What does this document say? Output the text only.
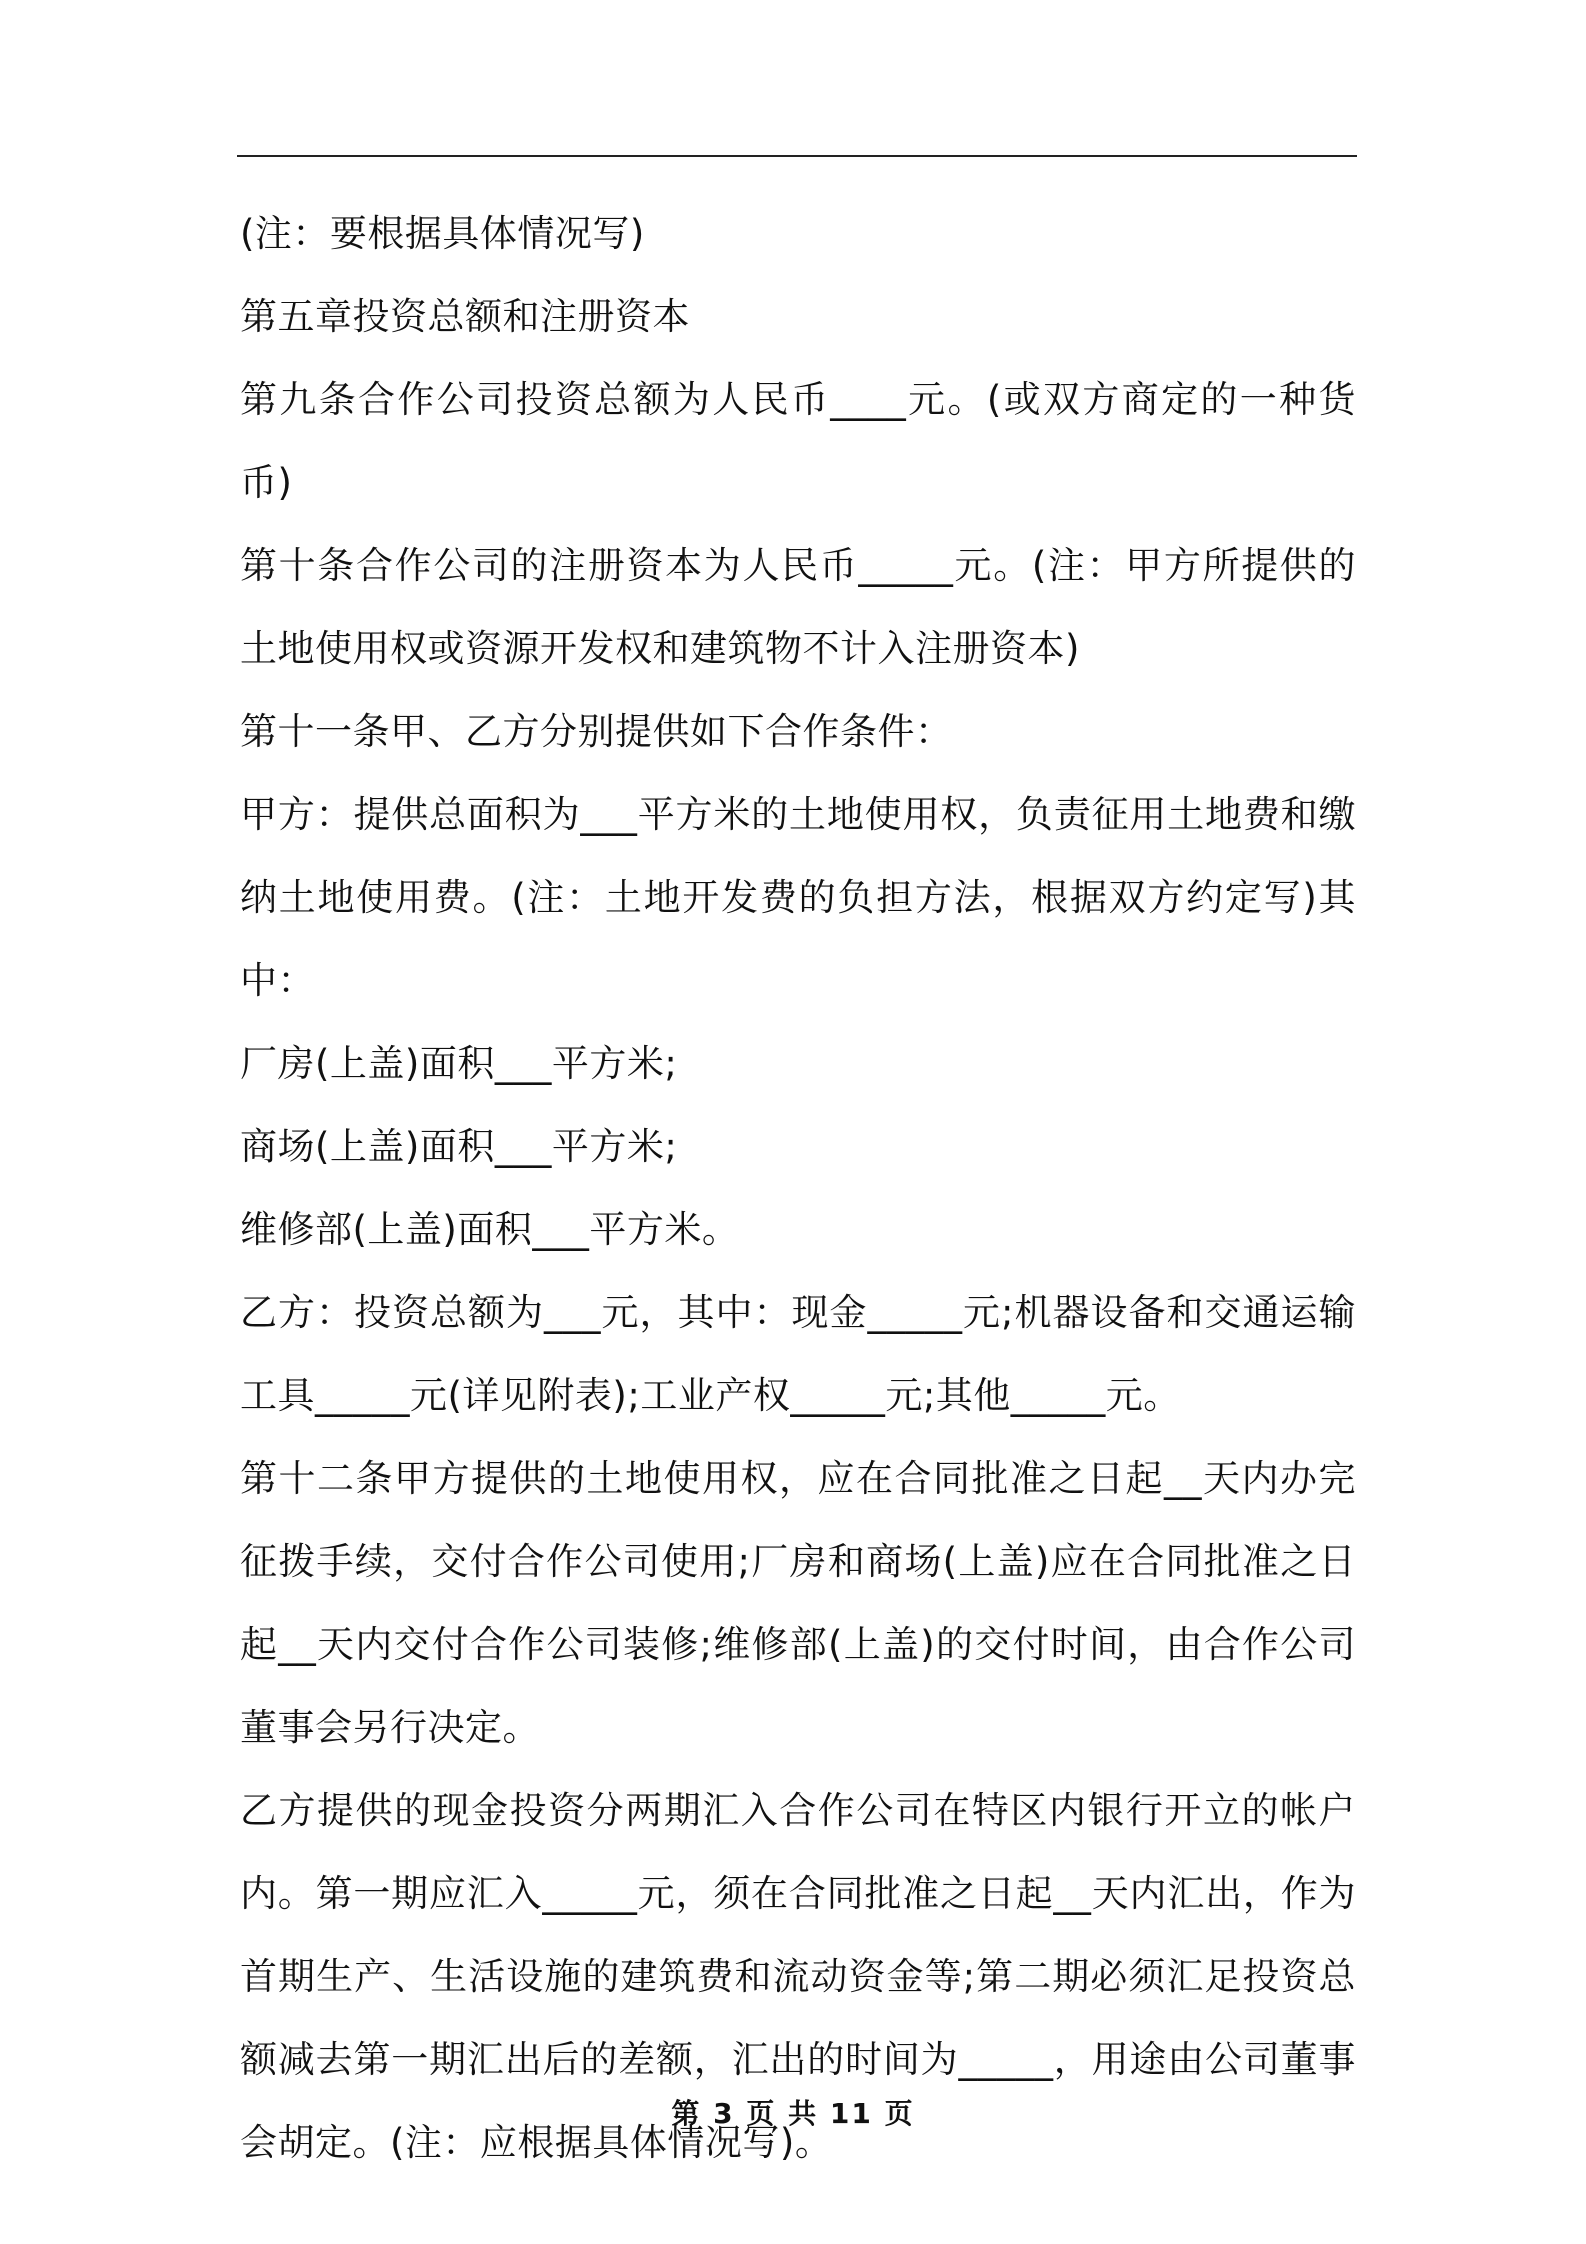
(注：要根据具体情况写)

第五章投资总额和注册资本

第九条合作公司投资总额为人民币____元。(或双方商定的一种货币)

第十条合作公司的注册资本为人民币_____元。(注：甲方所提供的土地使用权或资源开发权和建筑物不计入注册资本)

第十一条甲、乙方分别提供如下合作条件：

甲方：提供总面积为___平方米的土地使用权，负责征用土地费和缴纳土地使用费。(注：土地开发费的负担方法，根据双方约定写)其中：

厂房(上盖)面积___平方米;

商场(上盖)面积___平方米;

维修部(上盖)面积___平方米。

乙方：投资总额为___元，其中：现金_____元;机器设备和交通运输工具_____元(详见附表);工业产权_____元;其他_____元。

第十二条甲方提供的土地使用权，应在合同批准之日起__天内办完征拨手续，交付合作公司使用;厂房和商场(上盖)应在合同批准之日起__天内交付合作公司装修;维修部(上盖)的交付时间，由合作公司董事会另行决定。

乙方提供的现金投资分两期汇入合作公司在特区内银行开立的帐户内。第一期应汇入_____元，须在合同批准之日起__天内汇出，作为首期生产、生活设施的建筑费和流动资金等;第二期必须汇足投资总额减去第一期汇出后的差额，汇出的时间为_____，用途由公司董事会胡定。(注：应根据具体情况写)。

第 3 页 共 11 页
